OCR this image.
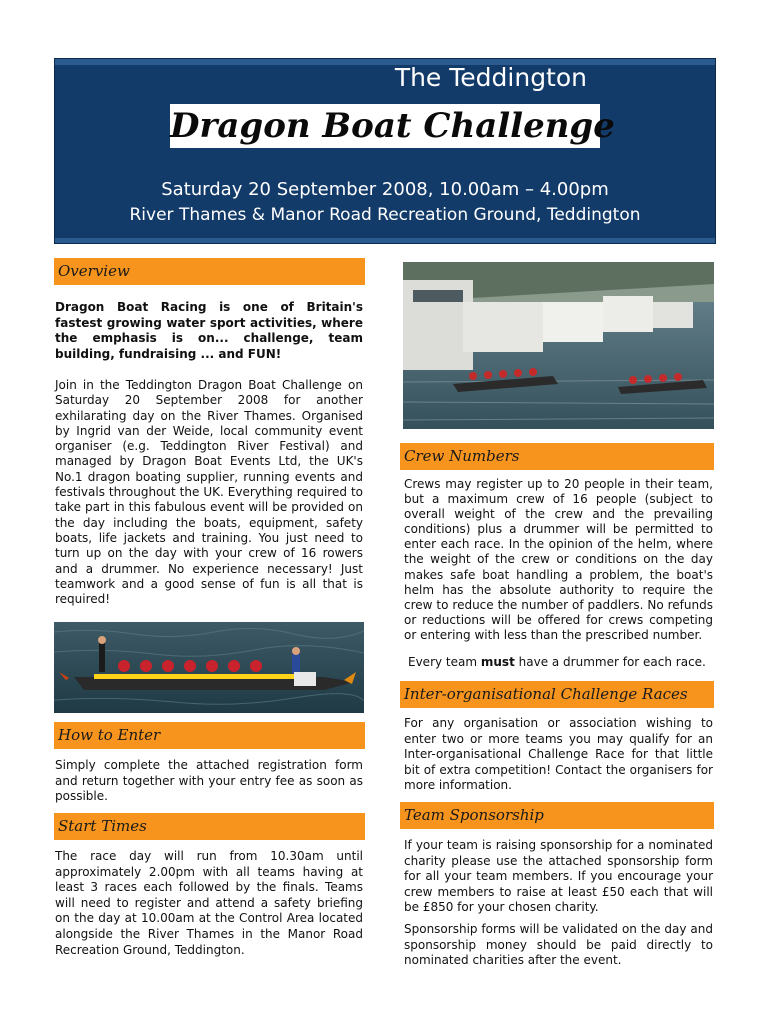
The Teddington
Saturday 20 September 2008, 10.00am – 4.00pm
River Thames & Manor Road Recreation Ground, Teddington
Dragon Boat Challenge
Overview
Dragon Boat Racing is one of Britain's fastest growing water sport activities, where the emphasis is on... challenge, team building, fundraising ... and FUN!
Join in the Teddington Dragon Boat Challenge on Saturday 20 September 2008 for another exhilarating day on the River Thames. Organised by Ingrid van der Weide, local community event organiser (e.g. Teddington River Festival) and managed by Dragon Boat Events Ltd, the UK's No.1 dragon boating supplier, running events and festivals throughout the UK. Everything required to take part in this fabulous event will be provided on the day including the boats, equipment, safety boats, life jackets and training. You just need to turn up on the day with your crew of 16 rowers and a drummer. No experience necessary! Just teamwork and a good sense of fun is all that is required!
How to Enter
Simply complete the attached registration form and return together with your entry fee as soon as possible.
Start Times
The race day will run from 10.30am until approximately 2.00pm with all teams having at least 3 races each followed by the finals. Teams will need to register and attend a safety briefing on the day at 10.00am at the Control Area located alongside the River Thames in the Manor Road Recreation Ground, Teddington.
Crew Numbers
Crews may register up to 20 people in their team, but a maximum crew of 16 people (subject to overall weight of the crew and the prevailing conditions) plus a drummer will be permitted to enter each race. In the opinion of the helm, where the weight of the crew or conditions on the day makes safe boat handling a problem, the boat's helm has the absolute authority to require the crew to reduce the number of paddlers. No refunds or reductions will be offered for crews competing or entering with less than the prescribed number.
Every team must have a drummer for each race.
Inter-organisational Challenge Races
For any organisation or association wishing to enter two or more teams you may qualify for an Inter-organisational Challenge Race for that little bit of extra competition! Contact the organisers for more information.
Team Sponsorship
If your team is raising sponsorship for a nominated charity please use the attached sponsorship form for all your team members. If you encourage your crew members to raise at least £50 each that will be £850 for your chosen charity.
Sponsorship forms will be validated on the day and sponsorship money should be paid directly to nominated charities after the event.
